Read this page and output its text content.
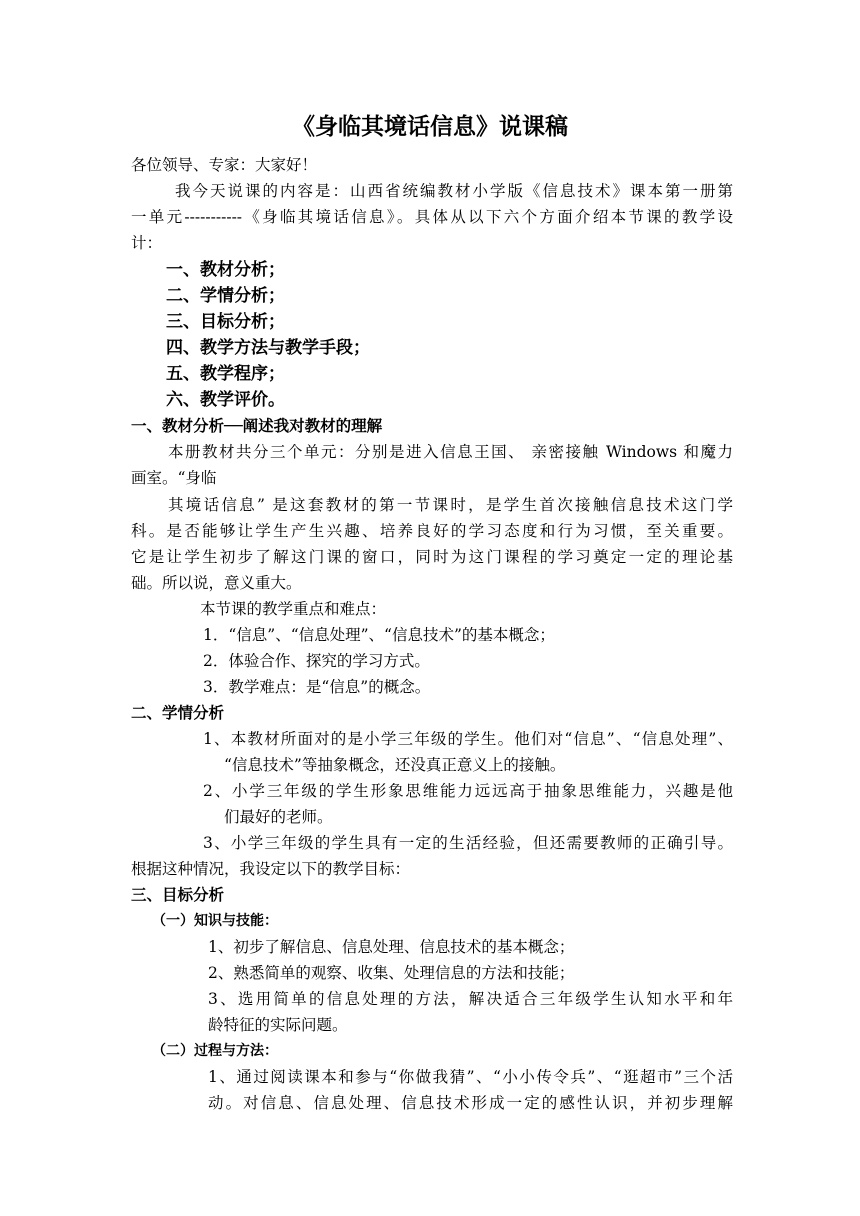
《身临其境话信息》说课稿
各位领导、专家：大家好！
我今天说课的内容是：山西省统编教材小学版《信息技术》课本第一册第
一单元-----------《身临其境话信息》。具体从以下六个方面介绍本节课的教学设
计：
一、教材分析；
二、学情分析；
三、目标分析；
四、教学方法与教学手段；
五、教学程序；
六、教学评价。
一、教材分析──阐述我对教材的理解
本册教材共分三个单元：分别是进入信息王国、 亲密接触 Windows 和魔力
画室。“身临
其境话信息” 是这套教材的第一节课时，是学生首次接触信息技术这门学
科。是否能够让学生产生兴趣、培养良好的学习态度和行为习惯，至关重要。
它是让学生初步了解这门课的窗口，同时为这门课程的学习奠定一定的理论基
础。所以说，意义重大。
本节课的教学重点和难点：
1．“信息”、“信息处理”、“信息技术”的基本概念；
2．体验合作、探究的学习方式。
3．教学难点：是“信息”的概念。
二、学情分析
1、本教材所面对的是小学三年级的学生。他们对“信息”、“信息处理”、
“信息技术”等抽象概念，还没真正意义上的接触。
2、小学三年级的学生形象思维能力远远高于抽象思维能力，兴趣是他
们最好的老师。
3、小学三年级的学生具有一定的生活经验，但还需要教师的正确引导。
根据这种情况，我设定以下的教学目标：
三、目标分析
（一）知识与技能：
1、初步了解信息、信息处理、信息技术的基本概念；
2、熟悉简单的观察、收集、处理信息的方法和技能；
3、选用简单的信息处理的方法，解决适合三年级学生认知水平和年
龄特征的实际问题。
（二）过程与方法：
1、通过阅读课本和参与“你做我猜”、“小小传令兵”、“逛超市”三个活
动。对信息、信息处理、信息技术形成一定的感性认识，并初步理解
